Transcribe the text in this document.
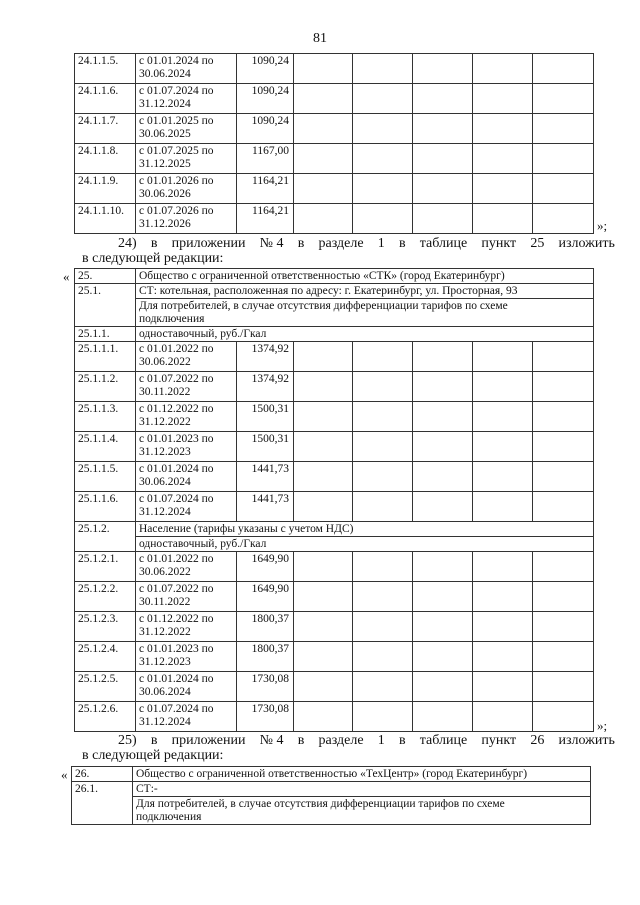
81
24.1.1.5.	с 01.01.2024 по
30.06.2024	1090,24					
24.1.1.6.	с 01.07.2024 по
31.12.2024	1090,24					
24.1.1.7.	с 01.01.2025 по
30.06.2025	1090,24					
24.1.1.8.	с 01.07.2025 по
31.12.2025	1167,00					
24.1.1.9.	с 01.01.2026 по
30.06.2026	1164,21					
24.1.1.10.	с 01.07.2026 по
31.12.2026	1164,21					
»;
24) в приложении № 4 в разделе 1 в таблице пункт 25 изложить
в следующей редакции:
« 25.	Общество с ограниченной ответственностью «СТК» (город Екатеринбург)						
25.1.	СТ: котельная, расположенная по адресу: г. Екатеринбург, ул. Просторная, 93						

	Для потребителей, в случае отсутствия дифференциации тарифов по схеме
подключения						

25.1.1.	одноставочный, руб./Гкал						
25.1.1.1.	с 01.01.2022 по
30.06.2022	1374,92					
25.1.1.2.	с 01.07.2022 по
30.11.2022	1374,92					
25.1.1.3.	с 01.12.2022 по
31.12.2022	1500,31					
25.1.1.4.	с 01.01.2023 по
31.12.2023	1500,31					
25.1.1.5.	с 01.01.2024 по
30.06.2024	1441,73					
25.1.1.6.	с 01.07.2024 по
31.12.2024	1441,73					
25.1.2.	Население (тарифы указаны с учетом НДС)						
	одноставочный, руб./Гкал						
25.1.2.1.	с 01.01.2022 по
30.06.2022	1649,90					
25.1.2.2.	с 01.07.2022 по
30.11.2022	1649,90					
25.1.2.3.	с 01.12.2022 по
31.12.2022	1800,37					
25.1.2.4.	с 01.01.2023 по
31.12.2023	1800,37					
25.1.2.5.	с 01.01.2024 по
30.06.2024	1730,08					
25.1.2.6.	с 01.07.2024 по
31.12.2024	1730,08					
»;
25) в приложении № 4 в разделе 1 в таблице пункт 26 изложить
в следующей редакции:
« 26.	Общество с ограниченной ответственностью «ТехЦентр» (город Екатеринбург)
26.1.	СТ:-

	Для потребителей, в случае отсутствия дифференциации тарифов по схеме
подключения
